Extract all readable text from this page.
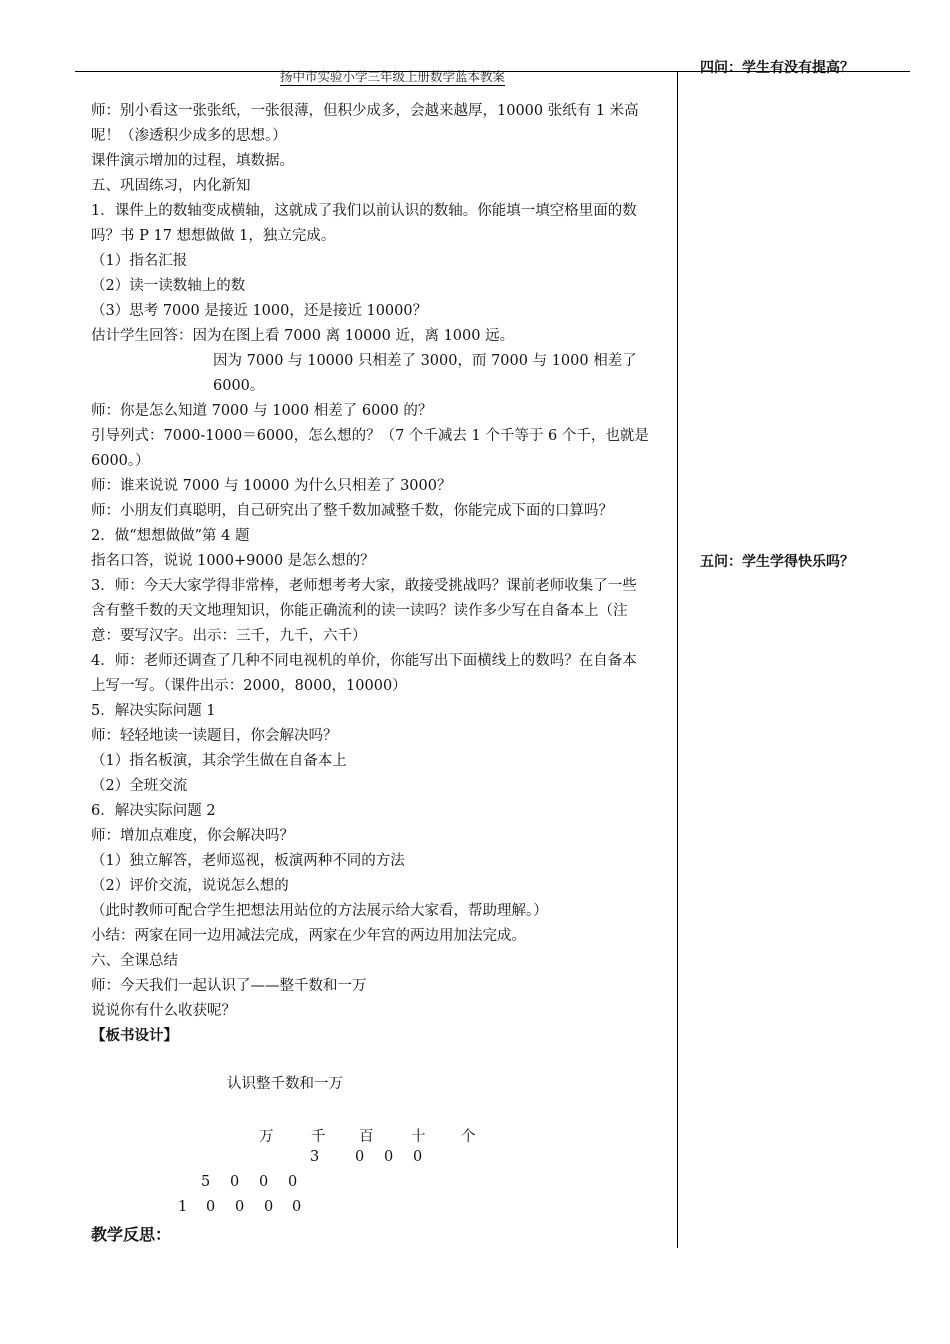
扬中市实验小学三年级上册数学蓝本教案
四问：学生有没有提高？
五问：学生学得快乐吗？

师：别小看这一张张纸，一张很薄，但积少成多，会越来越厚，10000 张纸有 1 米高呢！（渗透积少成多的思想。）

课件演示增加的过程，填数据。

五、巩固练习，内化新知

1．课件上的数轴变成横轴，这就成了我们以前认识的数轴。你能填一填空格里面的数吗？书 P 17 想想做做 1，独立完成。

（1）指名汇报

（2）读一读数轴上的数

（3）思考 7000 是接近 1000，还是接近 10000？

估计学生回答：因为在图上看 7000 离 10000 近，离 1000 远。

因为 7000 与 10000 只相差了 3000，而 7000 与 1000 相差了 6000。

师：你是怎么知道 7000 与 1000 相差了 6000 的？

引导列式：7000-1000＝6000，怎么想的？（7 个千减去 1 个千等于 6 个千，也就是 6000。）

师：谁来说说 7000 与 10000 为什么只相差了 3000？

师：小朋友们真聪明，自己研究出了整千数加减整千数，你能完成下面的口算吗？

2．做“想想做做”第 4 题

指名口答，说说 1000+9000 是怎么想的？

3．师：今天大家学得非常棒，老师想考考大家，敢接受挑战吗？课前老师收集了一些含有整千数的天文地理知识，你能正确流利的读一读吗？读作多少写在自备本上（注意：要写汉字。出示：三千，九千，六千）

4．师：老师还调查了几种不同电视机的单价，你能写出下面横线上的数吗？在自备本上写一写。（课件出示：2000，8000，10000）

5．解决实际问题 1

师：轻轻地读一读题目，你会解决吗？

（1）指名板演，其余学生做在自备本上

（2）全班交流

6．解决实际问题 2

师：增加点难度，你会解决吗？

（1）独立解答，老师巡视，板演两种不同的方法

（2）评价交流，说说怎么想的

（此时教师可配合学生把想法用站位的方法展示给大家看，帮助理解。）

小结：两家在同一边用减法完成，两家在少年宫的两边用加法完成。

六、全课总结

师：今天我们一起认识了——整千数和一万

说说你有什么收获呢？

【板书设计】

认识整千数和一万
万	千 百	十 个
3 0 0 0
5 0 0 0
1 0 0 0 0
教学反思：
